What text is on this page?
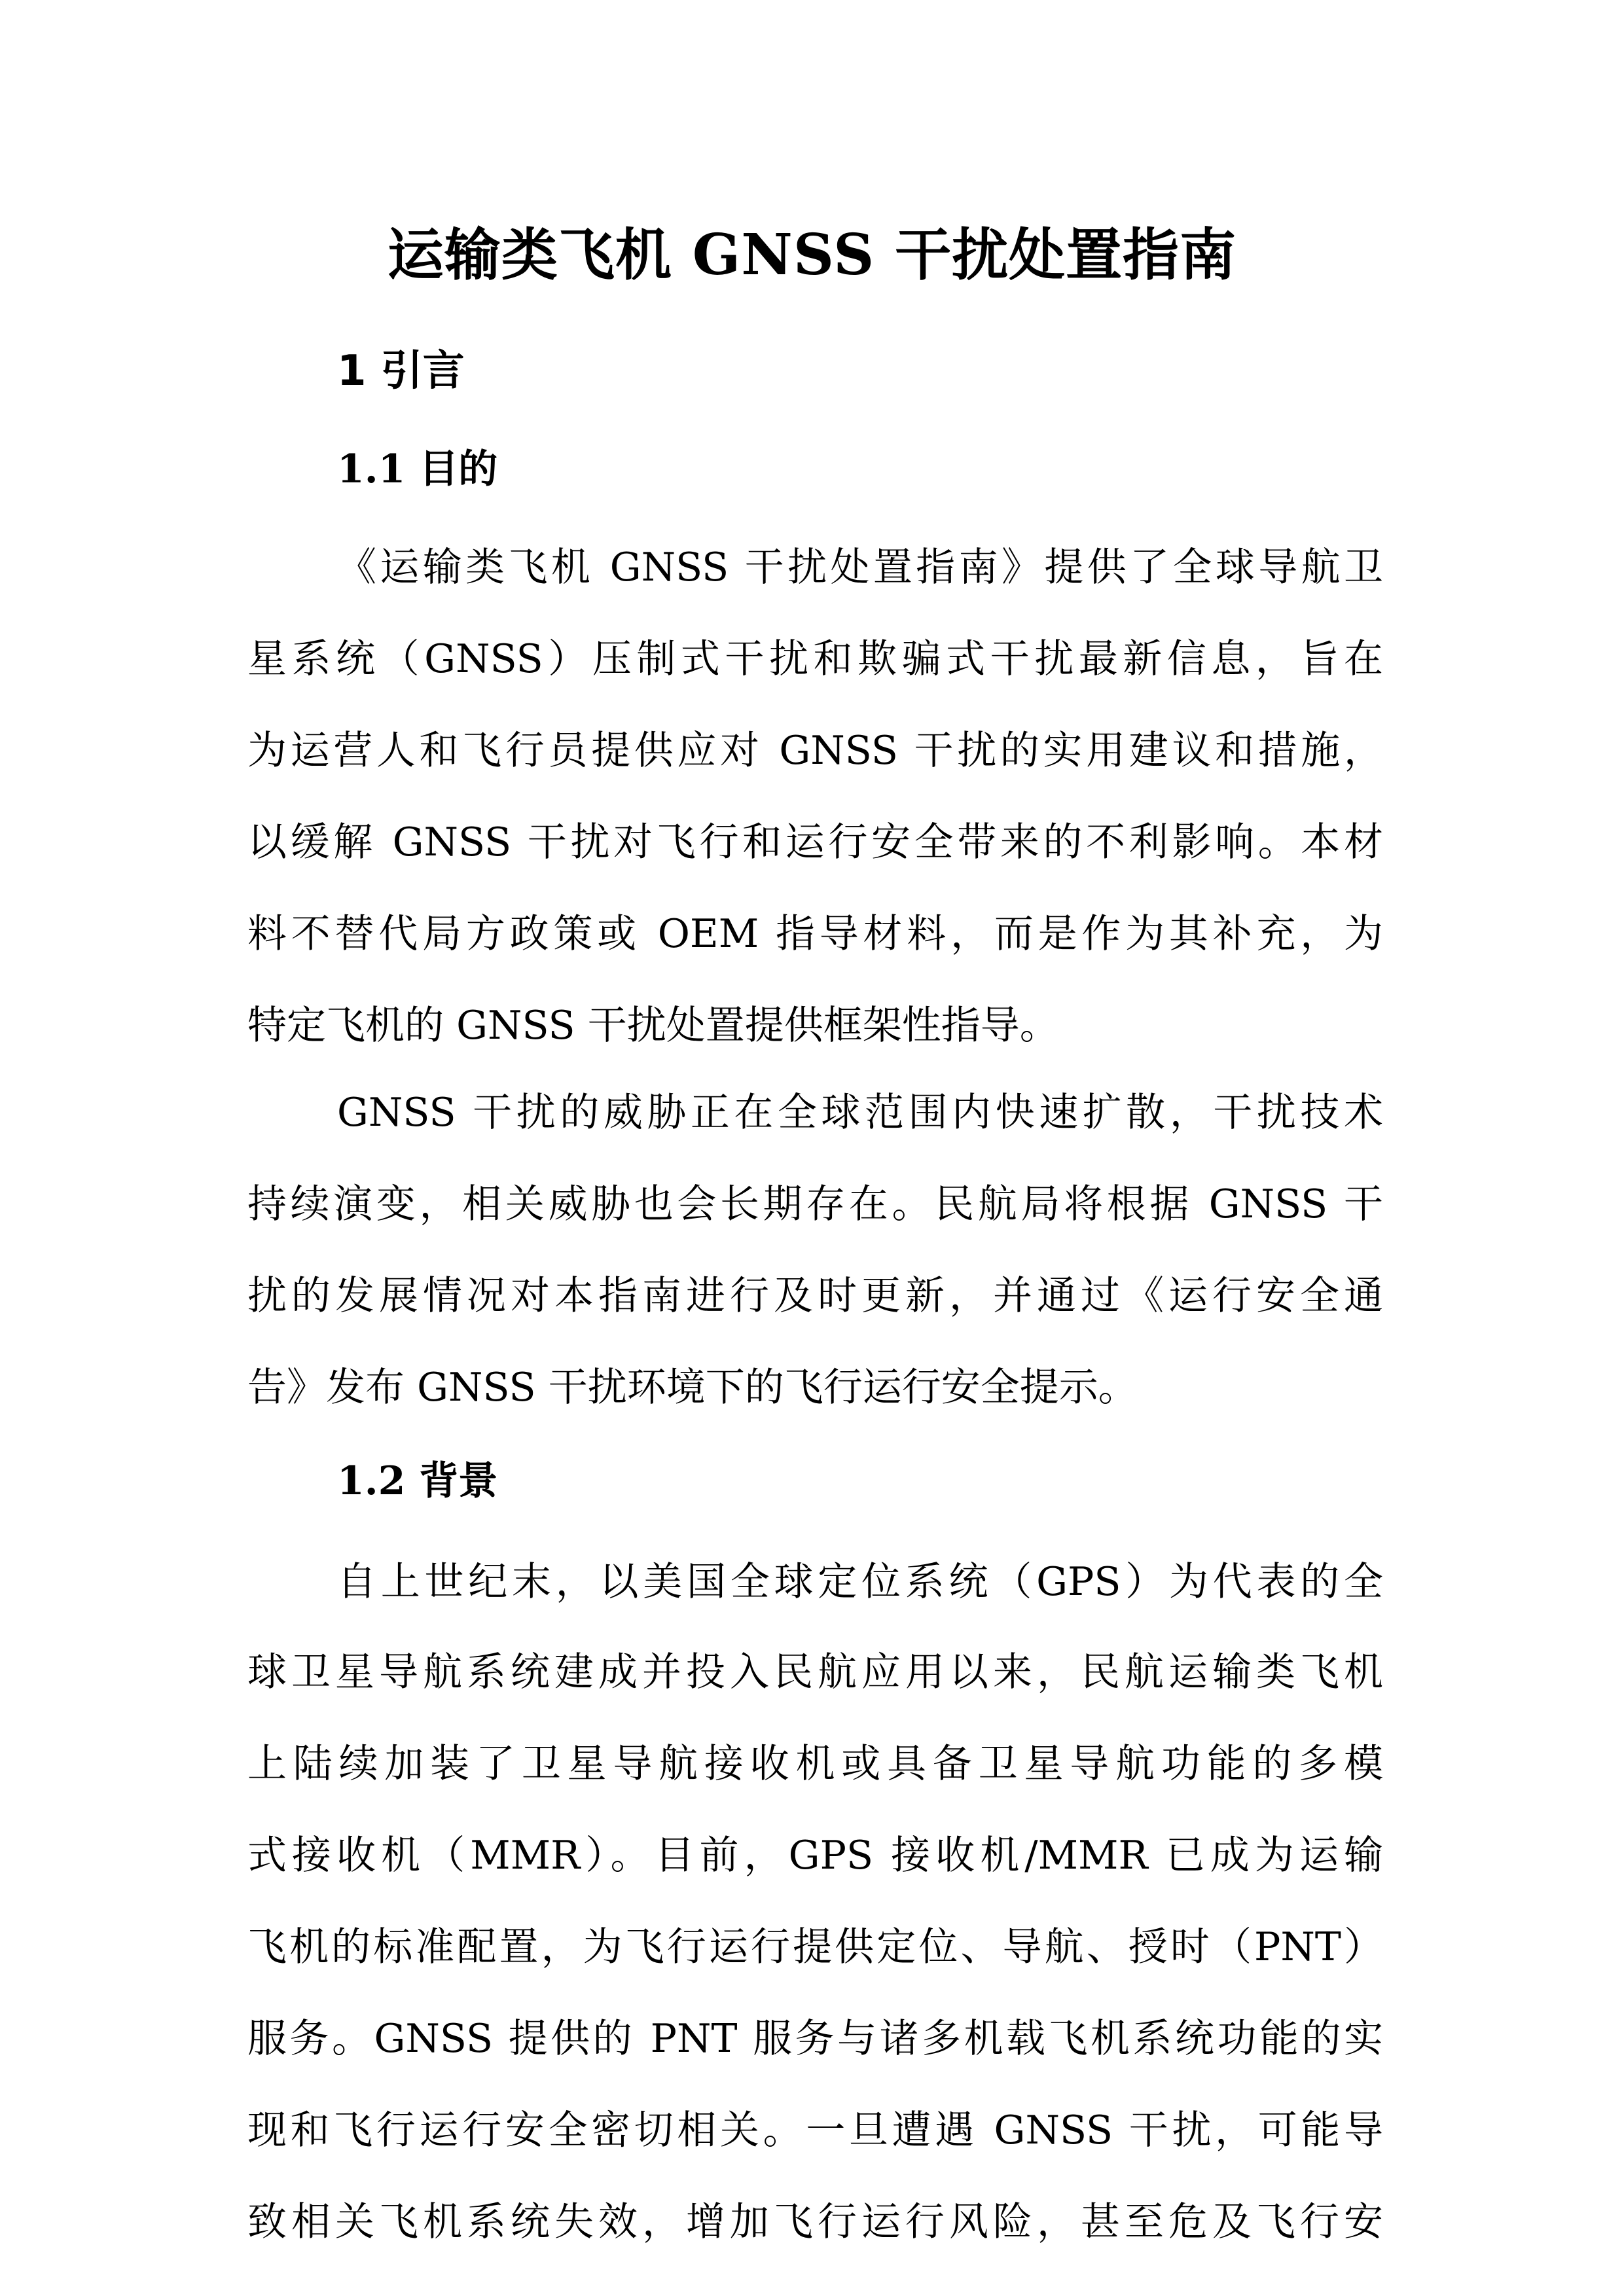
运输类飞机 GNSS 干扰处置指南
1 引言
1.1 目的

《运输类飞机 GNSS 干扰处置指南》提供了全球导航卫

星系统（GNSS）压制式干扰和欺骗式干扰最新信息，旨在

为运营人和飞行员提供应对 GNSS 干扰的实用建议和措施，

以缓解 GNSS 干扰对飞行和运行安全带来的不利影响。本材

料不替代局方政策或 OEM 指导材料，而是作为其补充，为

特定飞机的 GNSS 干扰处置提供框架性指导。

GNSS 干扰的威胁正在全球范围内快速扩散，干扰技术

持续演变，相关威胁也会长期存在。民航局将根据 GNSS 干

扰的发展情况对本指南进行及时更新，并通过《运行安全通

告》发布 GNSS 干扰环境下的飞行运行安全提示。

1.2 背景

自上世纪末，以美国全球定位系统（GPS）为代表的全

球卫星导航系统建成并投入民航应用以来，民航运输类飞机

上陆续加装了卫星导航接收机或具备卫星导航功能的多模

式接收机（MMR）。目前，GPS 接收机/MMR 已成为运输

飞机的标准配置，为飞行运行提供定位、导航、授时（PNT）

服务。GNSS 提供的 PNT 服务与诸多机载飞机系统功能的实

现和飞行运行安全密切相关。一旦遭遇 GNSS 干扰，可能导

致相关飞机系统失效，增加飞行运行风险，甚至危及飞行安
